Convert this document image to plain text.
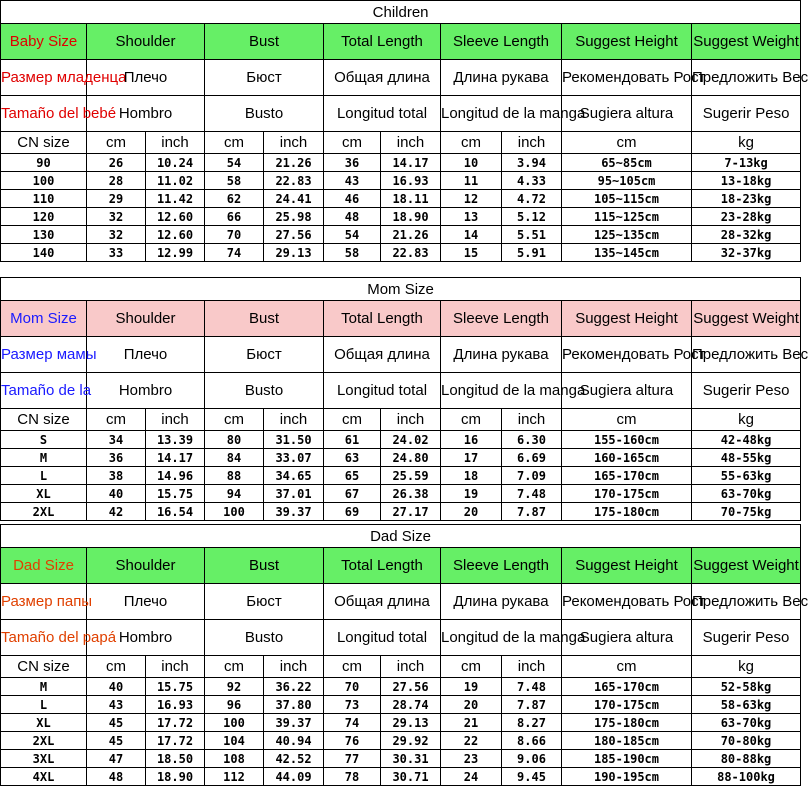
Children										
Baby Size	Shoulder		Bust		Total Length		Sleeve Length		Suggest Height	Suggest Weight
Размер младенца	Плечо		Бюст		Общая длина		Длина рукава		Рекомендовать Рост	Предложить Вес
Tamaño del bebé	Hombro		Busto		Longitud total		Longitud de la manga		Sugiera altura	Sugerir Peso
CN size	cm	inch	cm	inch	cm	inch	cm	inch	cm	kg
90	26	10.24	54	21.26	36	14.17	10	3.94	65~85cm	7-13kg
100	28	11.02	58	22.83	43	16.93	11	4.33	95~105cm	13-18kg
110	29	11.42	62	24.41	46	18.11	12	4.72	105~115cm	18-23kg
120	32	12.60	66	25.98	48	18.90	13	5.12	115~125cm	23-28kg
130	32	12.60	70	27.56	54	21.26	14	5.51	125~135cm	28-32kg
140	33	12.99	74	29.13	58	22.83	15	5.91	135~145cm	32-37kg
Mom Size										
Mom Size	Shoulder		Bust		Total Length		Sleeve Length		Suggest Height	Suggest Weight
Размер мамы	Плечо		Бюст		Общая длина		Длина рукава		Рекомендовать Рост	Предложить Вес
Tamaño de la	Hombro		Busto		Longitud total		Longitud de la manga		Sugiera altura	Sugerir Peso
CN size	cm	inch	cm	inch	cm	inch	cm	inch	cm	kg
S	34	13.39	80	31.50	61	24.02	16	6.30	155-160cm	42-48kg
M	36	14.17	84	33.07	63	24.80	17	6.69	160-165cm	48-55kg
L	38	14.96	88	34.65	65	25.59	18	7.09	165-170cm	55-63kg
XL	40	15.75	94	37.01	67	26.38	19	7.48	170-175cm	63-70kg
2XL	42	16.54	100	39.37	69	27.17	20	7.87	175-180cm	70-75kg
Dad Size										
Dad Size	Shoulder		Bust		Total Length		Sleeve Length		Suggest Height	Suggest Weight
Размер папы	Плечо		Бюст		Общая длина		Длина рукава		Рекомендовать Рост	Предложить Вес
Tamaño del papá	Hombro		Busto		Longitud total		Longitud de la manga		Sugiera altura	Sugerir Peso
CN size	cm	inch	cm	inch	cm	inch	cm	inch	cm	kg
M	40	15.75	92	36.22	70	27.56	19	7.48	165-170cm	52-58kg
L	43	16.93	96	37.80	73	28.74	20	7.87	170-175cm	58-63kg
XL	45	17.72	100	39.37	74	29.13	21	8.27	175-180cm	63-70kg
2XL	45	17.72	104	40.94	76	29.92	22	8.66	180-185cm	70-80kg
3XL	47	18.50	108	42.52	77	30.31	23	9.06	185-190cm	80-88kg
4XL	48	18.90	112	44.09	78	30.71	24	9.45	190-195cm	88-100kg
